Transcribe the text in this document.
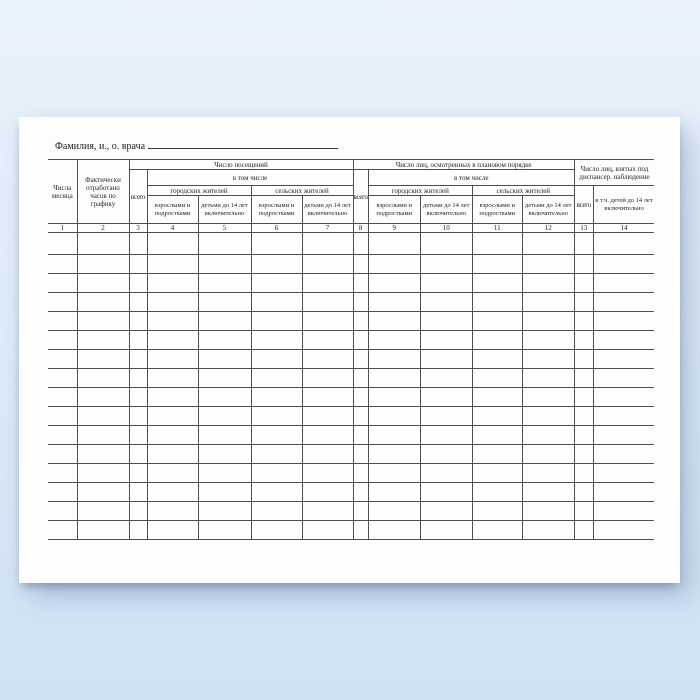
Фамилия, и., о. врача
Числа месяца	Фактически отработано часов по графику	Число посещений					Число лиц, осмотренных в плановом порядке					Число лиц, взятых под диспансер. наблюдение	
		всего	в том числе				всего	в том числе					
			городских жителей		сельских жителей			городских жителей		сельских жителей		всего	в т.ч. детей до 14 лет включительно
			взрослыми и подростками	детьми до 14 лет включительно	взрослыми и подростками	детьми до 14 лет включительно		взрослыми и подростками	детьми до 14 лет включительно	взрослыми и подростками	детьми до 14 лет включительно		
1	2	3	4	5	6	7	8	9	10	11	12	13	14
